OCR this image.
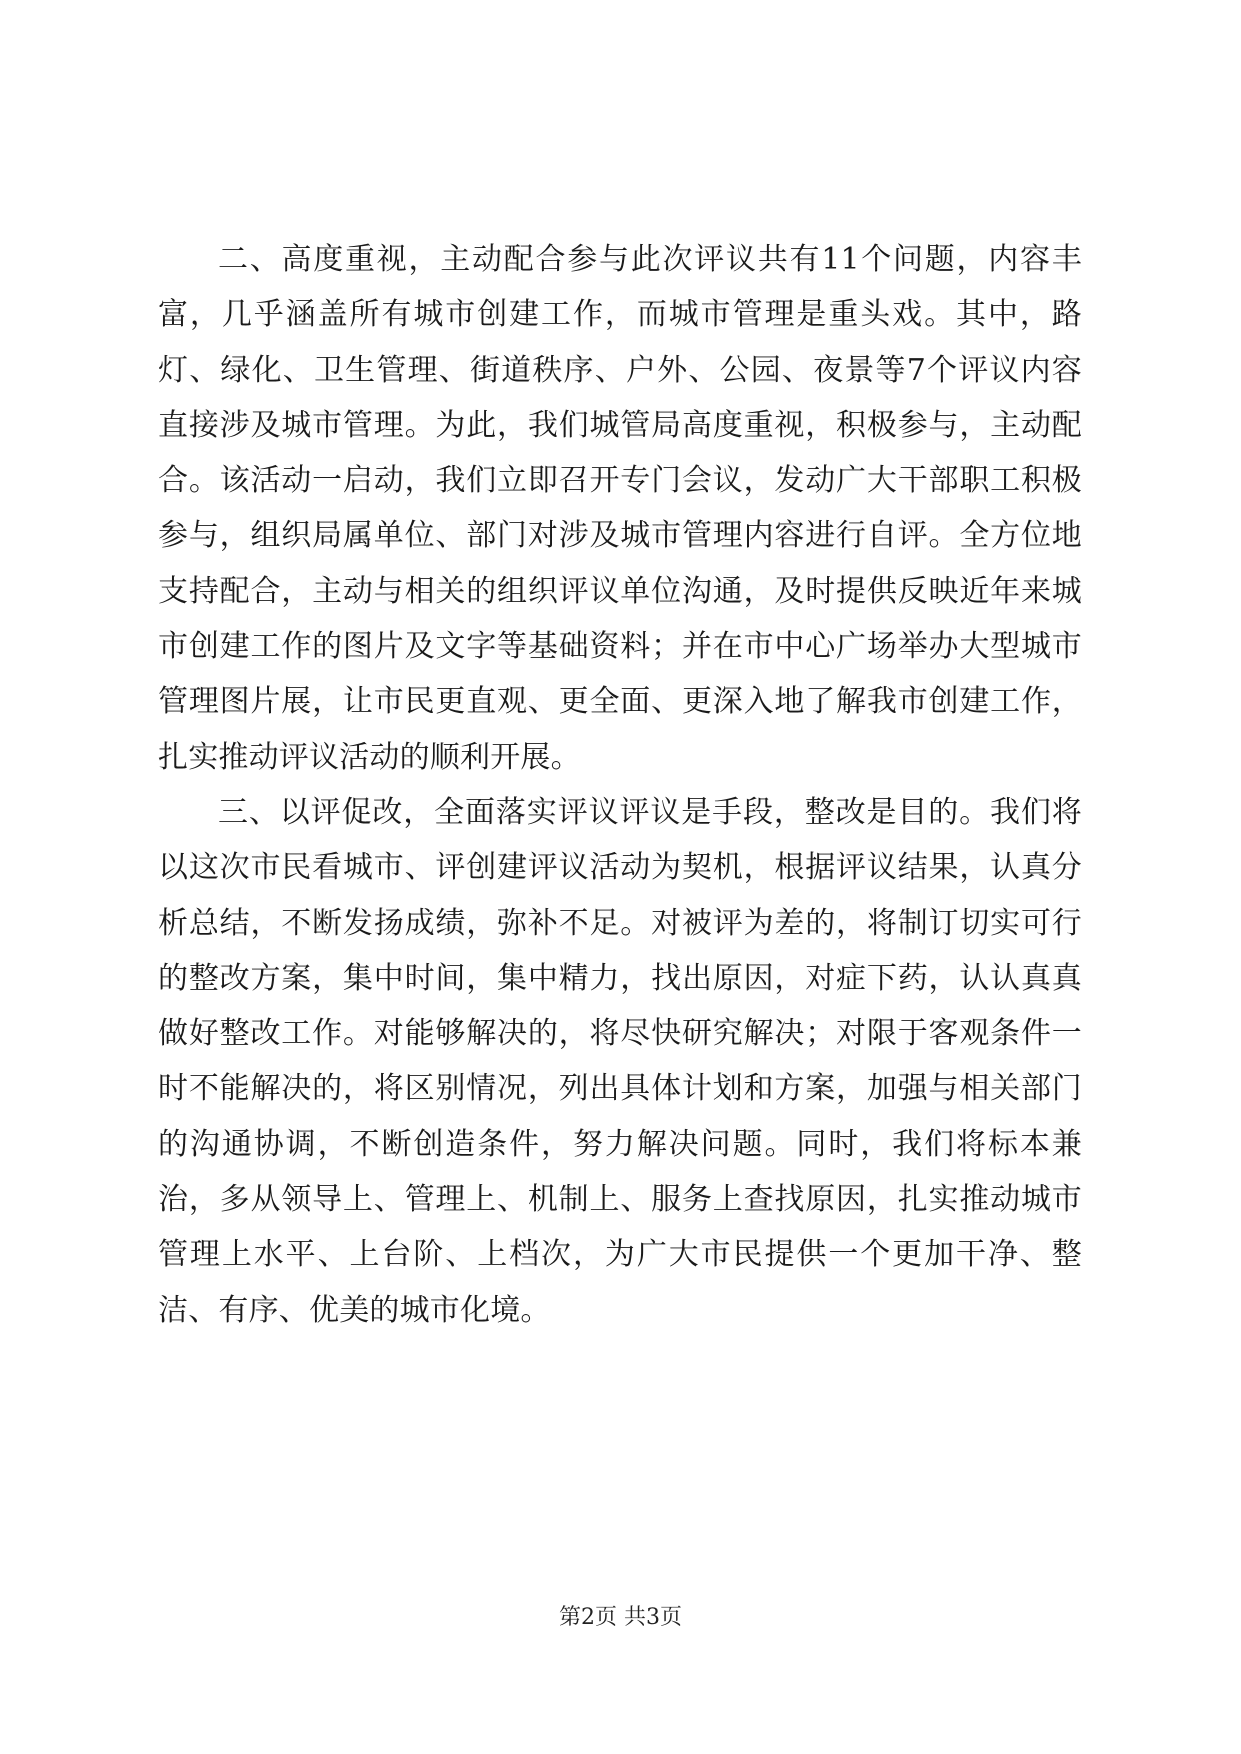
二、高度重视，主动配合参与此次评议共有11个问题，内容丰富，几乎涵盖所有城市创建工作，而城市管理是重头戏。其中，路灯、绿化、卫生管理、街道秩序、户外、公园、夜景等7个评议内容直接涉及城市管理。为此，我们城管局高度重视，积极参与，主动配合。该活动一启动，我们立即召开专门会议，发动广大干部职工积极参与，组织局属单位、部门对涉及城市管理内容进行自评。全方位地支持配合，主动与相关的组织评议单位沟通，及时提供反映近年来城市创建工作的图片及文字等基础资料；并在市中心广场举办大型城市管理图片展，让市民更直观、更全面、更深入地了解我市创建工作，扎实推动评议活动的顺利开展。

三、以评促改，全面落实评议评议是手段，整改是目的。我们将以这次市民看城市、评创建评议活动为契机，根据评议结果，认真分析总结，不断发扬成绩，弥补不足。对被评为差的，将制订切实可行的整改方案，集中时间，集中精力，找出原因，对症下药，认认真真做好整改工作。对能够解决的，将尽快研究解决；对限于客观条件一时不能解决的，将区别情况，列出具体计划和方案，加强与相关部门的沟通协调，不断创造条件，努力解决问题。同时，我们将标本兼治，多从领导上、管理上、机制上、服务上查找原因，扎实推动城市管理上水平、上台阶、上档次，为广大市民提供一个更加干净、整洁、有序、优美的城市化境。

第2页 共3页
